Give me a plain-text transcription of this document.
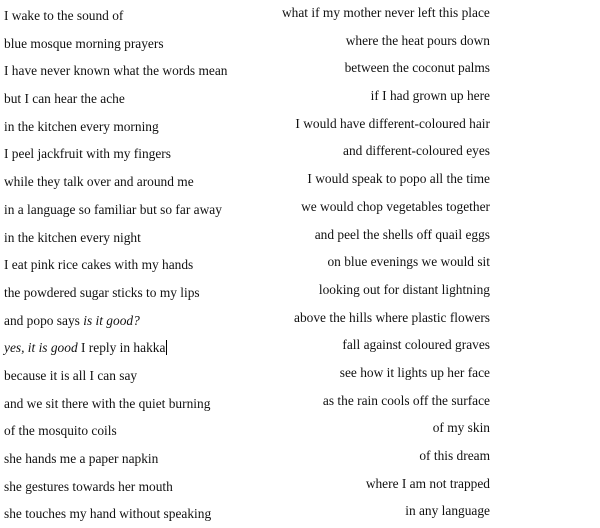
I wake to the sound of
blue mosque morning prayers
I have never known what the words mean
but I can hear the ache
in the kitchen every morning
I peel jackfruit with my fingers
while they talk over and around me
in a language so familiar but so far away
in the kitchen every night
I eat pink rice cakes with my hands
the powdered sugar sticks to my lips
and popo says is it good?
yes, it is good I reply in hakka
because it is all I can say
and we sit there with the quiet burning
of the mosquito coils
she hands me a paper napkin
she gestures towards her mouth
she touches my hand without speaking
what if my mother never left this place
where the heat pours down
between the coconut palms
if I had grown up here
I would have different-coloured hair
and different-coloured eyes
I would speak to popo all the time
we would chop vegetables together
and peel the shells off quail eggs
on blue evenings we would sit
looking out for distant lightning
above the hills where plastic flowers
fall against coloured graves
see how it lights up her face
as the rain cools off the surface
of my skin
of this dream
where I am not trapped
in any language
